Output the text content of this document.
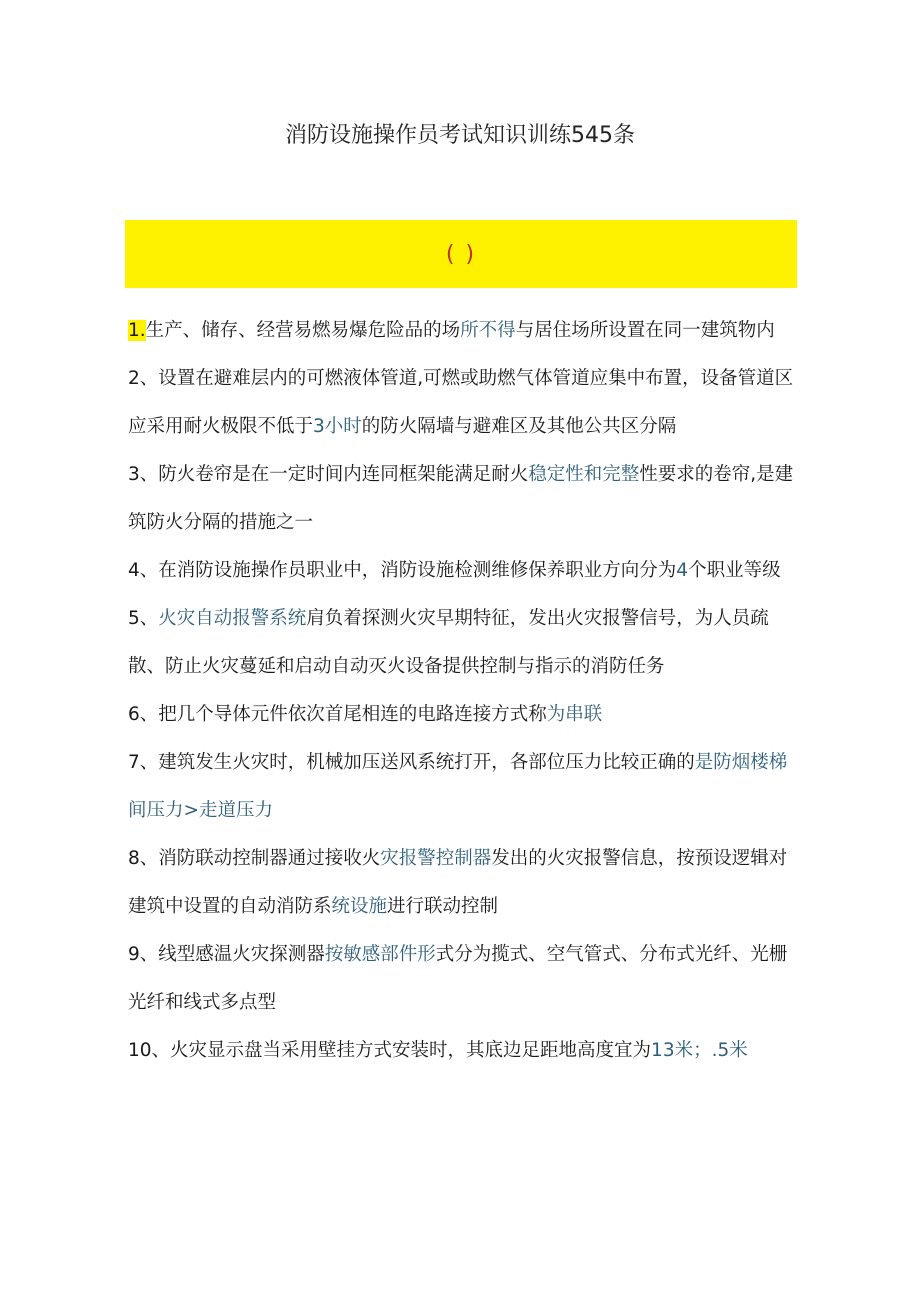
消防设施操作员考试知识训练545条
( )

1.生产、储存、经营易燃易爆危险品的场所不得与居住场所设置在同一建筑物内

2、设置在避难层内的可燃液体管道,可燃或助燃气体管道应集中布置，设备管道区应采用耐火极限不低于3小时的防火隔墙与避难区及其他公共区分隔

3、防火卷帘是在一定时间内连同框架能满足耐火稳定性和完整性要求的卷帘,是建筑防火分隔的措施之一

4、在消防设施操作员职业中，消防设施检测维修保养职业方向分为4个职业等级

5、火灾自动报警系统肩负着探测火灾早期特征，发出火灾报警信号，为人员疏散、防止火灾蔓延和启动自动灭火设备提供控制与指示的消防任务

6、把几个导体元件依次首尾相连的电路连接方式称为串联

7、建筑发生火灾时，机械加压送风系统打开，各部位压力比较正确的是防烟楼梯间压力>走道压力

8、消防联动控制器通过接收火灾报警控制器发出的火灾报警信息，按预设逻辑对建筑中设置的自动消防系统设施进行联动控制

9、线型感温火灾探测器按敏感部件形式分为揽式、空气管式、分布式光纤、光栅光纤和线式多点型

10、火灾显示盘当采用壁挂方式安装时，其底边足距地高度宜为13米；.5米
